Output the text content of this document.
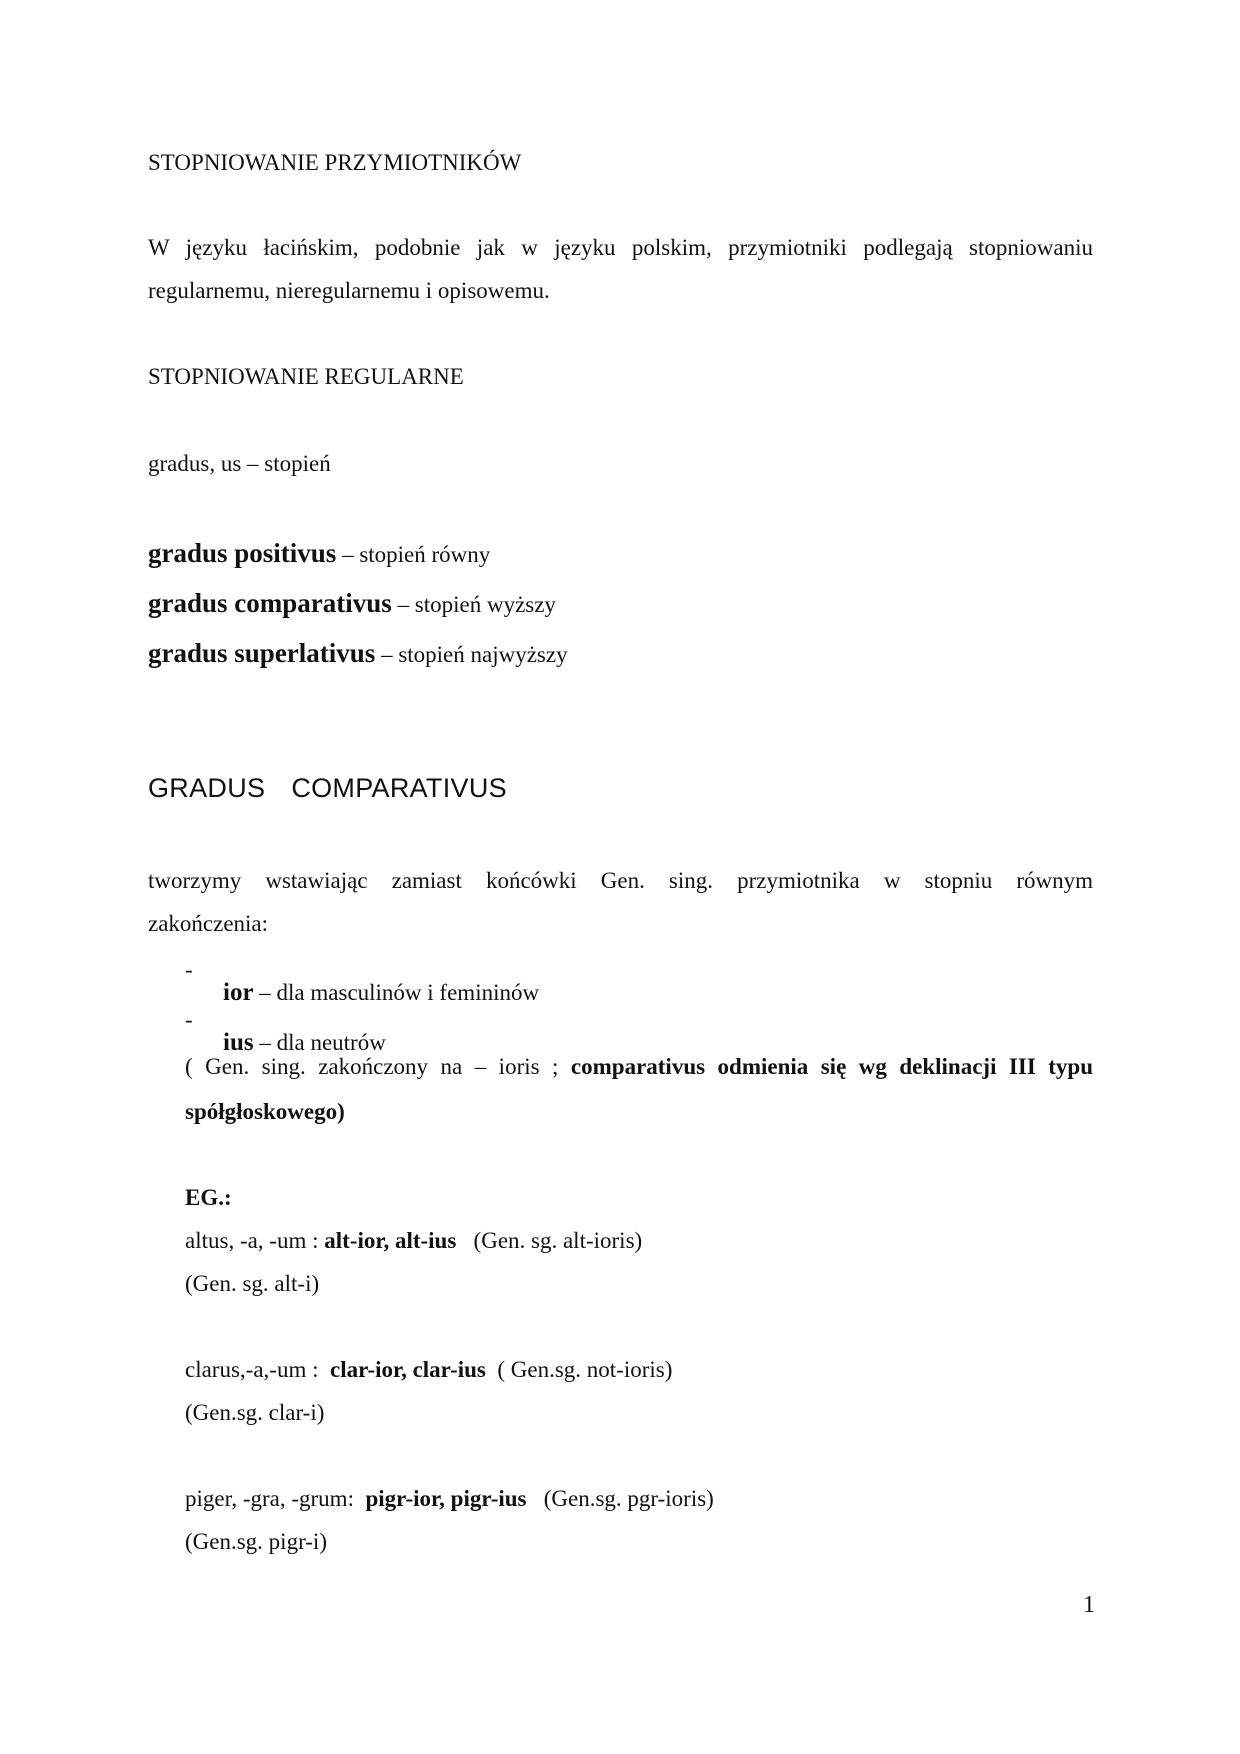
STOPNIOWANIE PRZYMIOTNIKÓW

W języku łacińskim, podobnie jak w języku polskim, przymiotniki podlegają stopniowaniu

regularnemu, nieregularnemu i opisowemu.

STOPNIOWANIE REGULARNE

gradus, us – stopień

gradus positivus – stopień równy

gradus comparativus – stopień wyższy

gradus superlativus – stopień najwyższy

GRADUS COMPARATIVUS

tworzymy wstawiając zamiast końcówki Gen. sing. przymiotnika w stopniu równym

zakończenia:

-

ior – dla masculinów i femininów

-

ius – dla neutrów

( Gen. sing. zakończony na – ioris ; comparativus odmienia się wg deklinacji III typu

spółgłoskowego)

EG.:

altus, -a, -um : alt-ior, alt-ius   (Gen. sg. alt-ioris)

(Gen. sg. alt-i)

clarus,-a,-um :  clar-ior, clar-ius  ( Gen.sg. not-ioris)

(Gen.sg. clar-i)

piger, -gra, -grum:  pigr-ior, pigr-ius   (Gen.sg. pgr-ioris)

(Gen.sg. pigr-i)

1
